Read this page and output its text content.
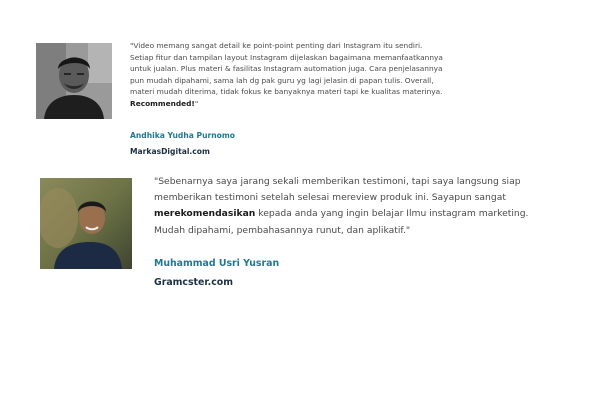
"Video memang sangat detail ke point-point penting dari Instagram itu sendiri. Setiap fitur dan tampilan layout Instagram dijelaskan bagaimana memanfaatkannya untuk jualan. Plus materi & fasilitas Instagram automation juga. Cara penjelasannya pun mudah dipahami, sama lah dg pak guru yg lagi jelasin di papan tulis. Overall, materi mudah diterima, tidak fokus ke banyaknya materi tapi ke kualitas materinya. Recommended!"

Andhika Yudha Purnomo

MarkasDigital.com

"Sebenarnya saya jarang sekali memberikan testimoni, tapi saya langsung siap memberikan testimoni setelah selesai mereview produk ini. Sayapun sangat merekomendasikan kepada anda yang ingin belajar Ilmu instagram marketing. Mudah dipahami, pembahasannya runut, dan aplikatif."

Muhammad Usri Yusran

Gramcster.com
